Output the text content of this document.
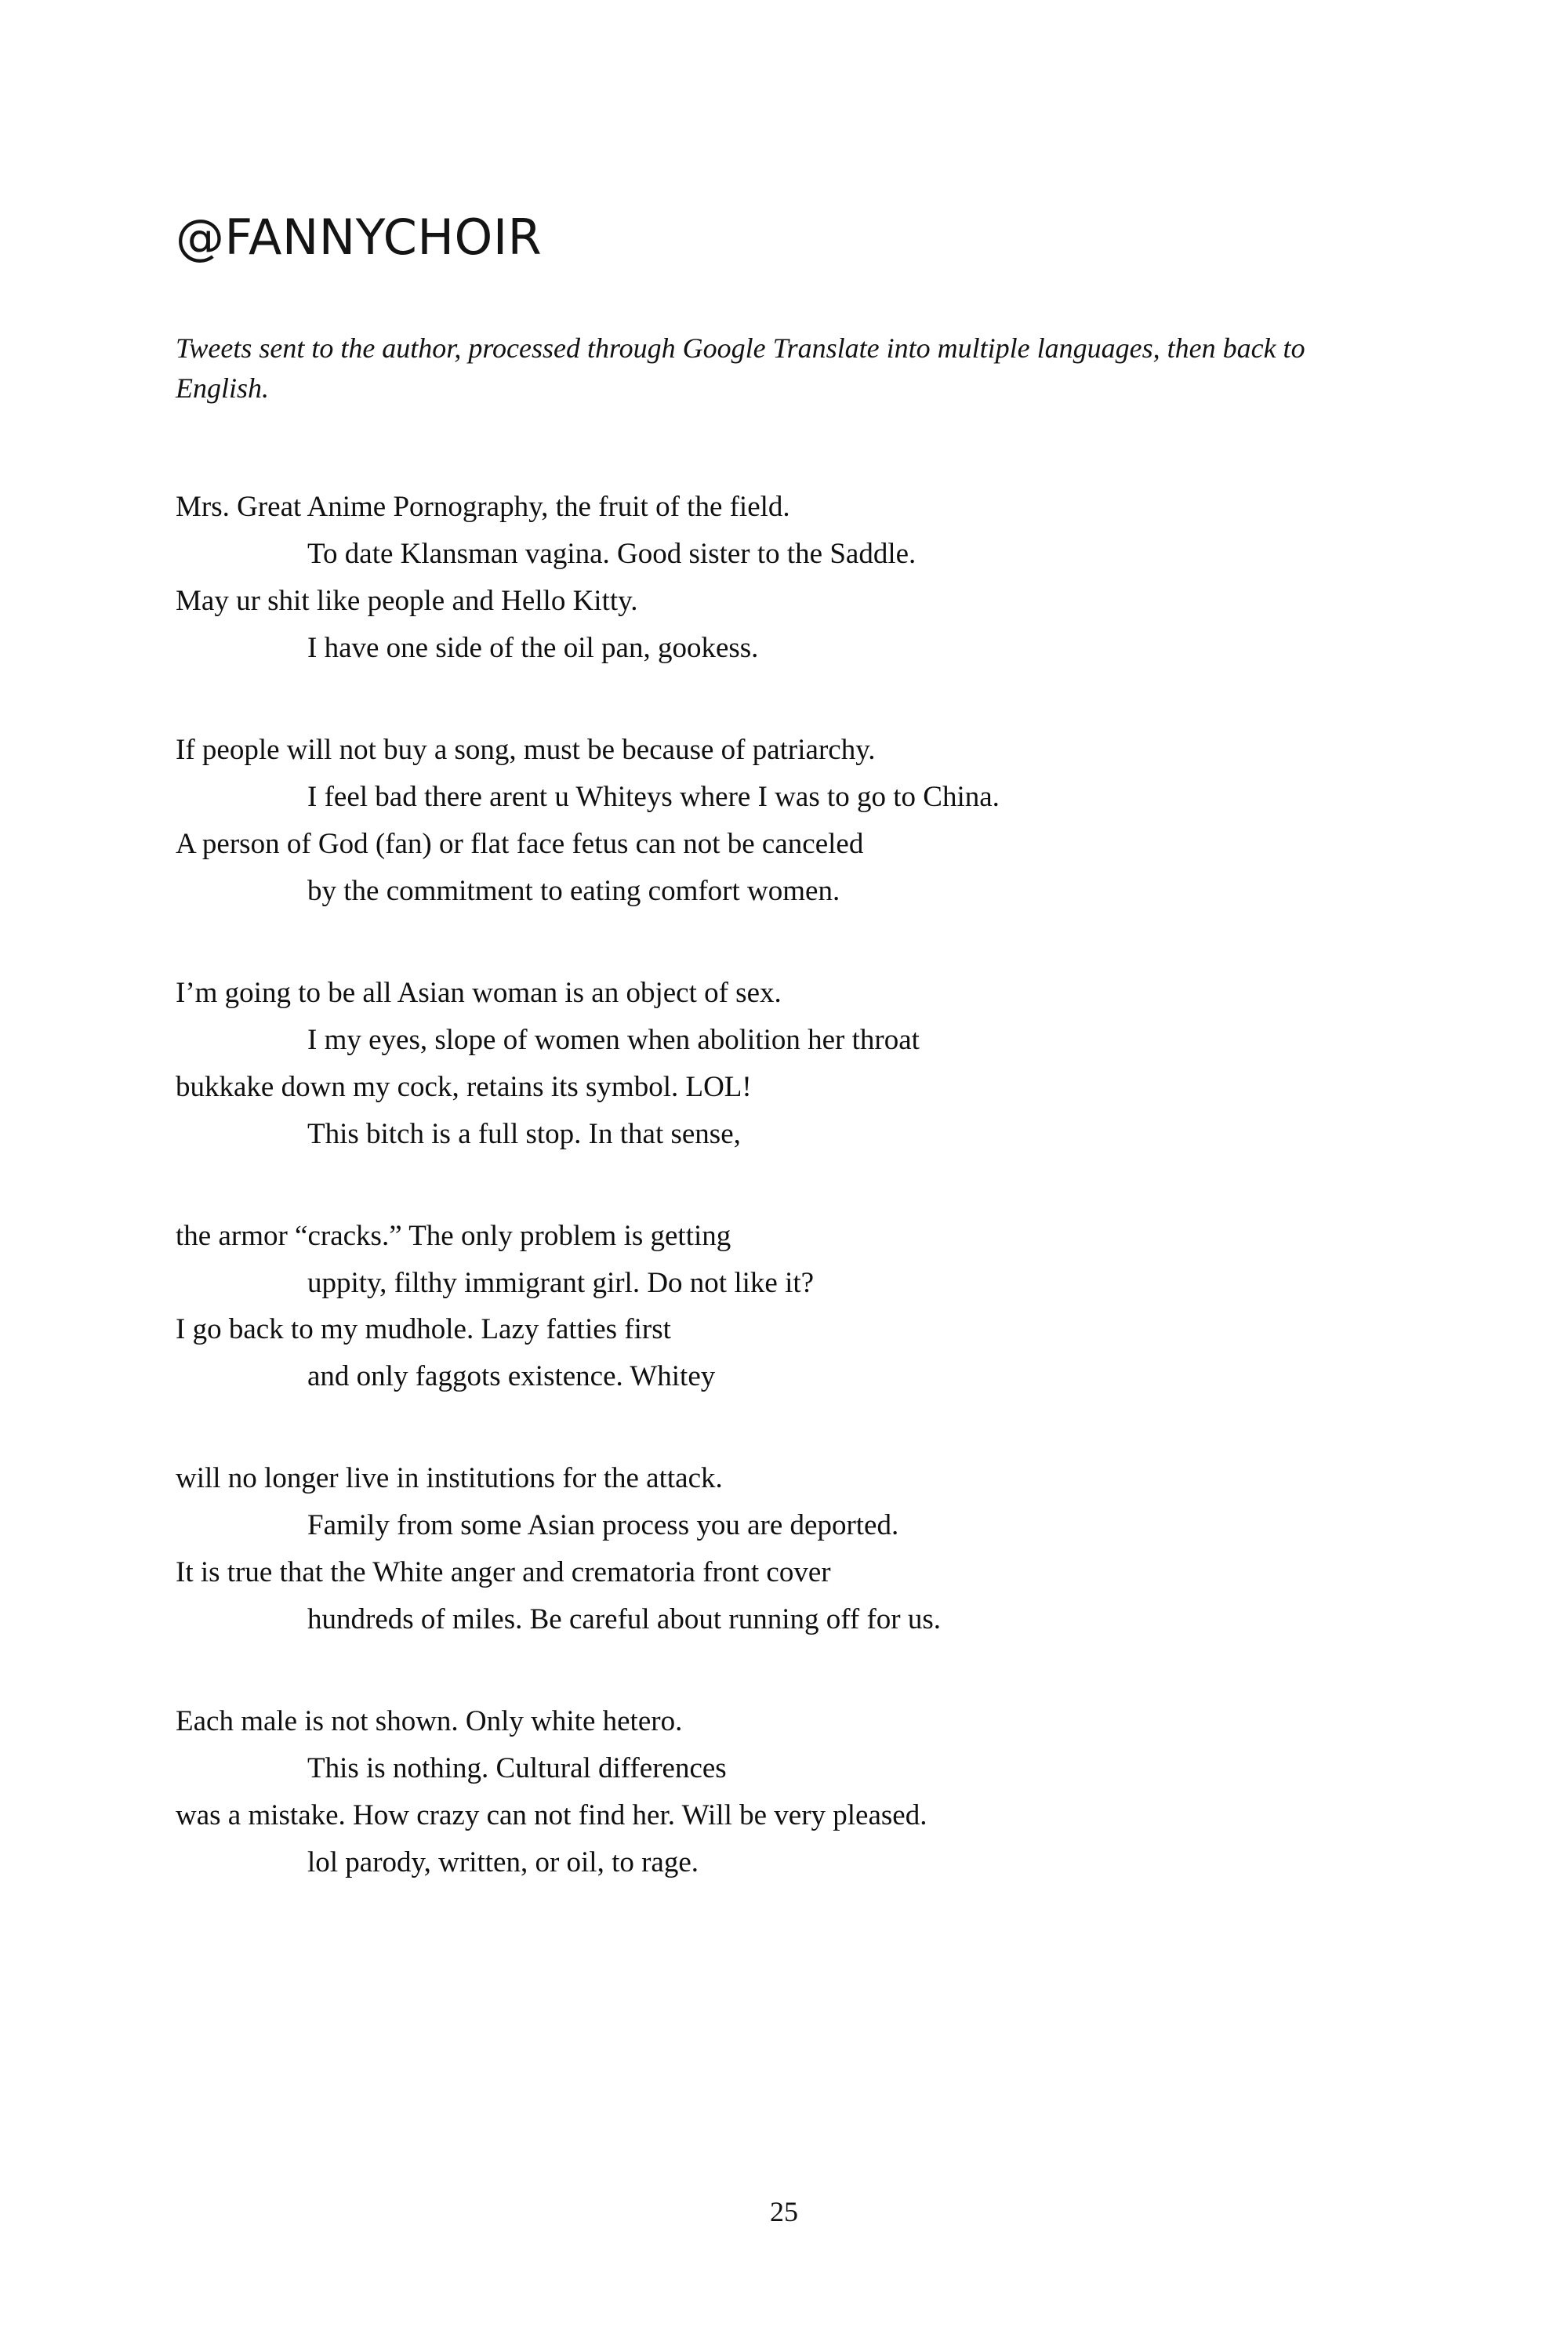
@FANNYCHOIR

Tweets sent to the author, processed through Google Translate into multiple languages, then back to English.

Mrs. Great Anime Pornography, the fruit of the field.
To date Klansman vagina. Good sister to the Saddle.
May ur shit like people and Hello Kitty.
I have one side of the oil pan, gookess.
If people will not buy a song, must be because of patriarchy.
I feel bad there arent u Whiteys where I was to go to China.
A person of God (fan) or flat face fetus can not be canceled
by the commitment to eating comfort women.
I’m going to be all Asian woman is an object of sex.
I my eyes, slope of women when abolition her throat
bukkake down my cock, retains its symbol. LOL!
This bitch is a full stop. In that sense,
the armor “cracks.” The only problem is getting
uppity, filthy immigrant girl. Do not like it?
I go back to my mudhole. Lazy fatties first
and only faggots existence. Whitey
will no longer live in institutions for the attack.
Family from some Asian process you are deported.
It is true that the White anger and crematoria front cover
hundreds of miles. Be careful about running off for us.
Each male is not shown. Only white hetero.
This is nothing. Cultural differences
was a mistake. How crazy can not find her. Will be very pleased.
lol parody, written, or oil, to rage.
25
